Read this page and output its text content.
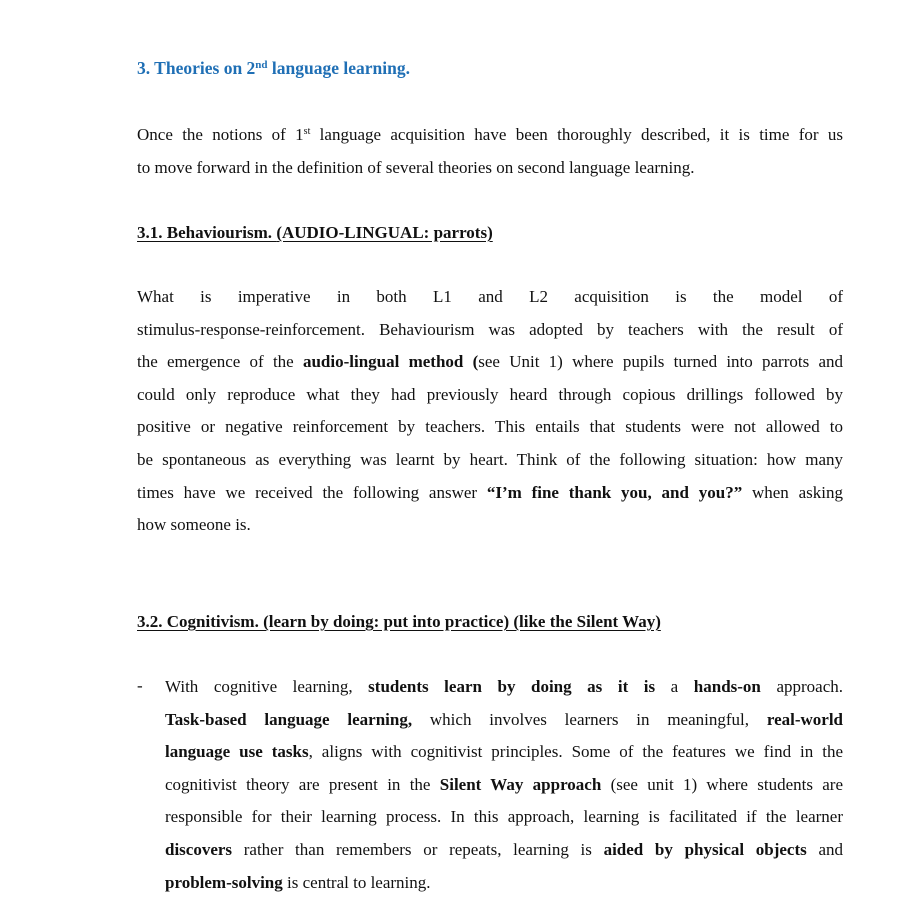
3. Theories on 2nd language learning.

Once the notions of 1st language acquisition have been thoroughly described, it is time for us
to move forward in the definition of several theories on second language learning.

3.1. Behaviourism. (AUDIO-LINGUAL: parrots)

What is imperative in both L1 and L2 acquisition is the model of
stimulus-response-reinforcement. Behaviourism was adopted by teachers with the result of
the emergence of the audio-lingual method (see Unit 1) where pupils turned into parrots and
could only reproduce what they had previously heard through copious drillings followed by
positive or negative reinforcement by teachers. This entails that students were not allowed to
be spontaneous as everything was learnt by heart. Think of the following situation: how many
times have we received the following answer “I’m fine thank you, and you?” when asking
how someone is.

3.2. Cognitivism. (learn by doing: put into practice) (like the Silent Way)
- With cognitive learning, students learn by doing as it is a hands-on approach.
Task-based language learning, which involves learners in meaningful, real-world
language use tasks, aligns with cognitivist principles. Some of the features we find in the
cognitivist theory are present in the Silent Way approach (see unit 1) where students are
responsible for their learning process. In this approach, learning is facilitated if the learner
discovers rather than remembers or repeats, learning is aided by physical objects and
problem-solving is central to learning.
